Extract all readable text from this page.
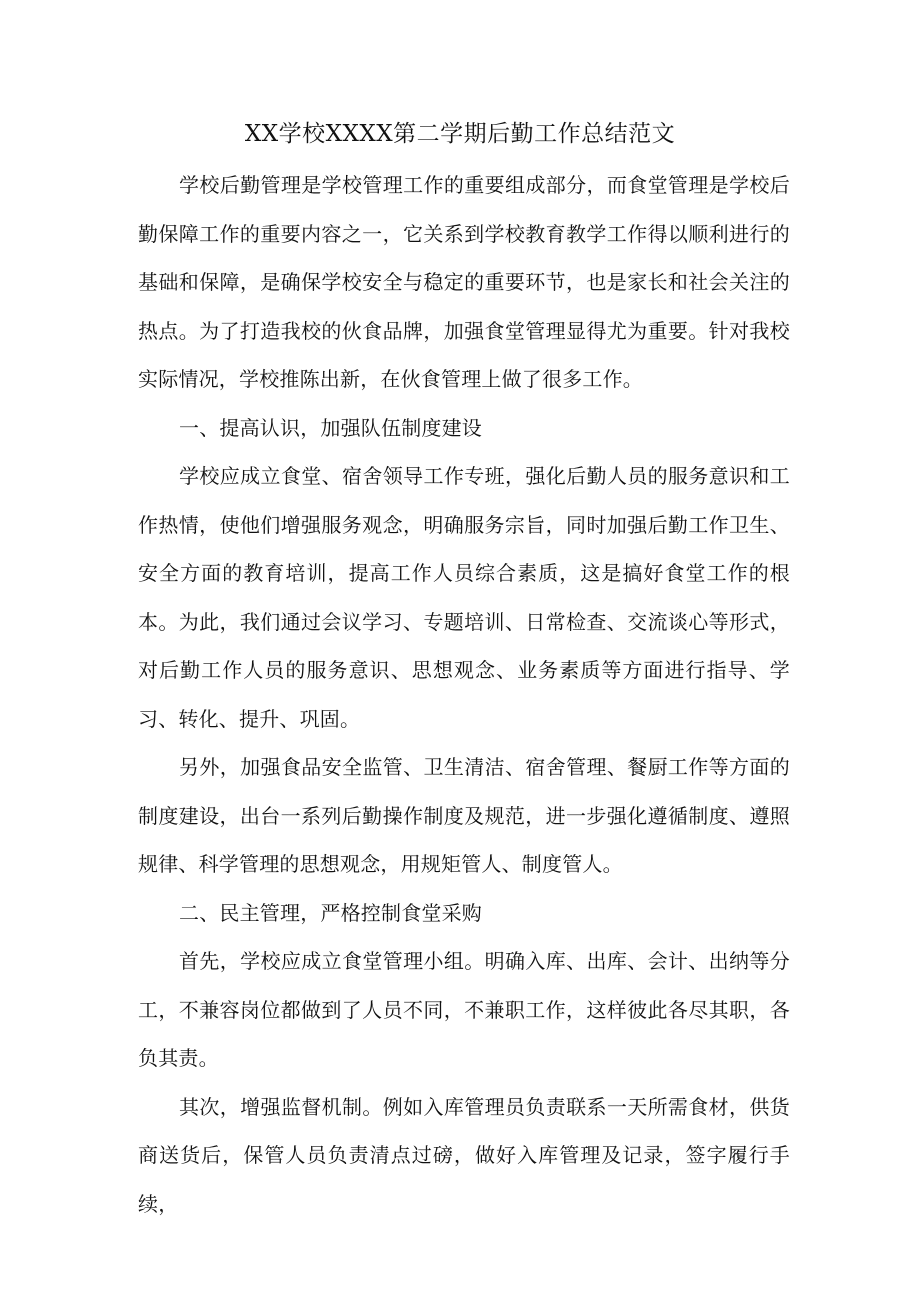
XX学校XXXX第二学期后勤工作总结范文

学校后勤管理是学校管理工作的重要组成部分，而食堂管理是学校后勤保障工作的重要内容之一，它关系到学校教育教学工作得以顺利进行的基础和保障，是确保学校安全与稳定的重要环节，也是家长和社会关注的热点。为了打造我校的伙食品牌，加强食堂管理显得尤为重要。针对我校实际情况，学校推陈出新，在伙食管理上做了很多工作。

一、提高认识，加强队伍制度建设

学校应成立食堂、宿舍领导工作专班，强化后勤人员的服务意识和工作热情，使他们增强服务观念，明确服务宗旨，同时加强后勤工作卫生、安全方面的教育培训，提高工作人员综合素质，这是搞好食堂工作的根本。为此，我们通过会议学习、专题培训、日常检查、交流谈心等形式，对后勤工作人员的服务意识、思想观念、业务素质等方面进行指导、学习、转化、提升、巩固。

另外，加强食品安全监管、卫生清洁、宿舍管理、餐厨工作等方面的制度建设，出台一系列后勤操作制度及规范，进一步强化遵循制度、遵照规律、科学管理的思想观念，用规矩管人、制度管人。

二、民主管理，严格控制食堂采购

首先，学校应成立食堂管理小组。明确入库、出库、会计、出纳等分工，不兼容岗位都做到了人员不同，不兼职工作，这样彼此各尽其职，各负其责。

其次，增强监督机制。例如入库管理员负责联系一天所需食材，供货商送货后，保管人员负责清点过磅，做好入库管理及记录，签字履行手续，
